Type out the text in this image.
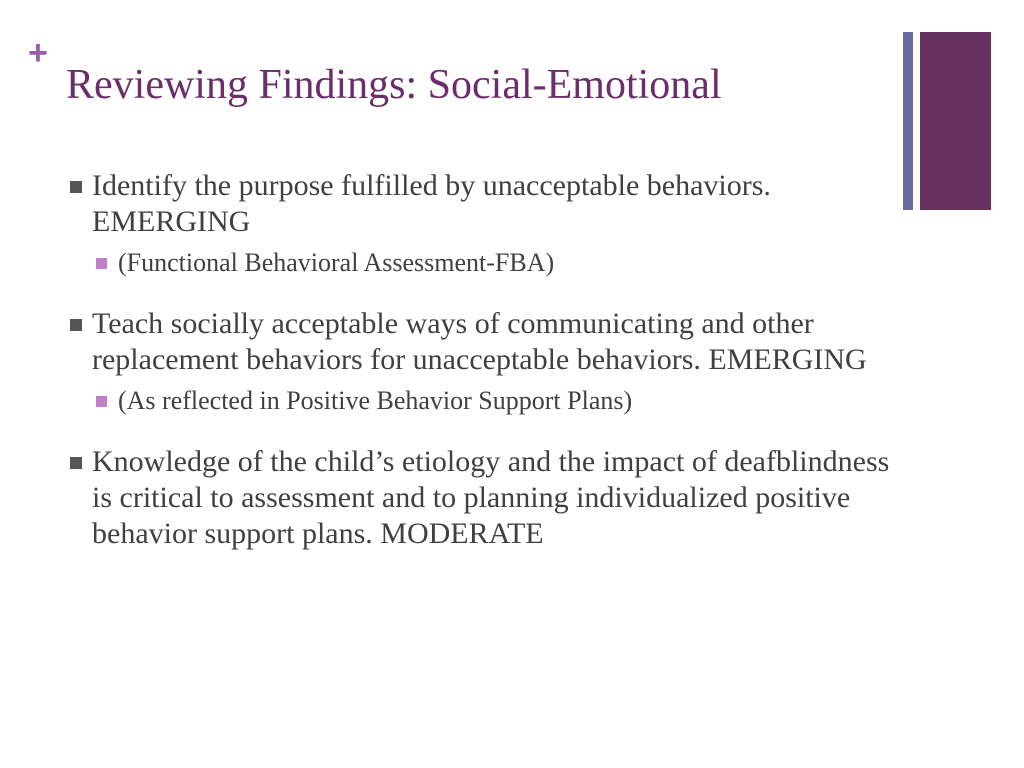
+
Reviewing Findings: Social-Emotional
Identify the purpose fulfilled by unacceptable behaviors. EMERGING
(Functional Behavioral Assessment-FBA)
Teach socially acceptable ways of communicating and other replacement behaviors for unacceptable behaviors. EMERGING
(As reflected in Positive Behavior Support Plans)
Knowledge of the child’s etiology and the impact of deafblindness is critical to assessment and to planning individualized positive behavior support plans. MODERATE
